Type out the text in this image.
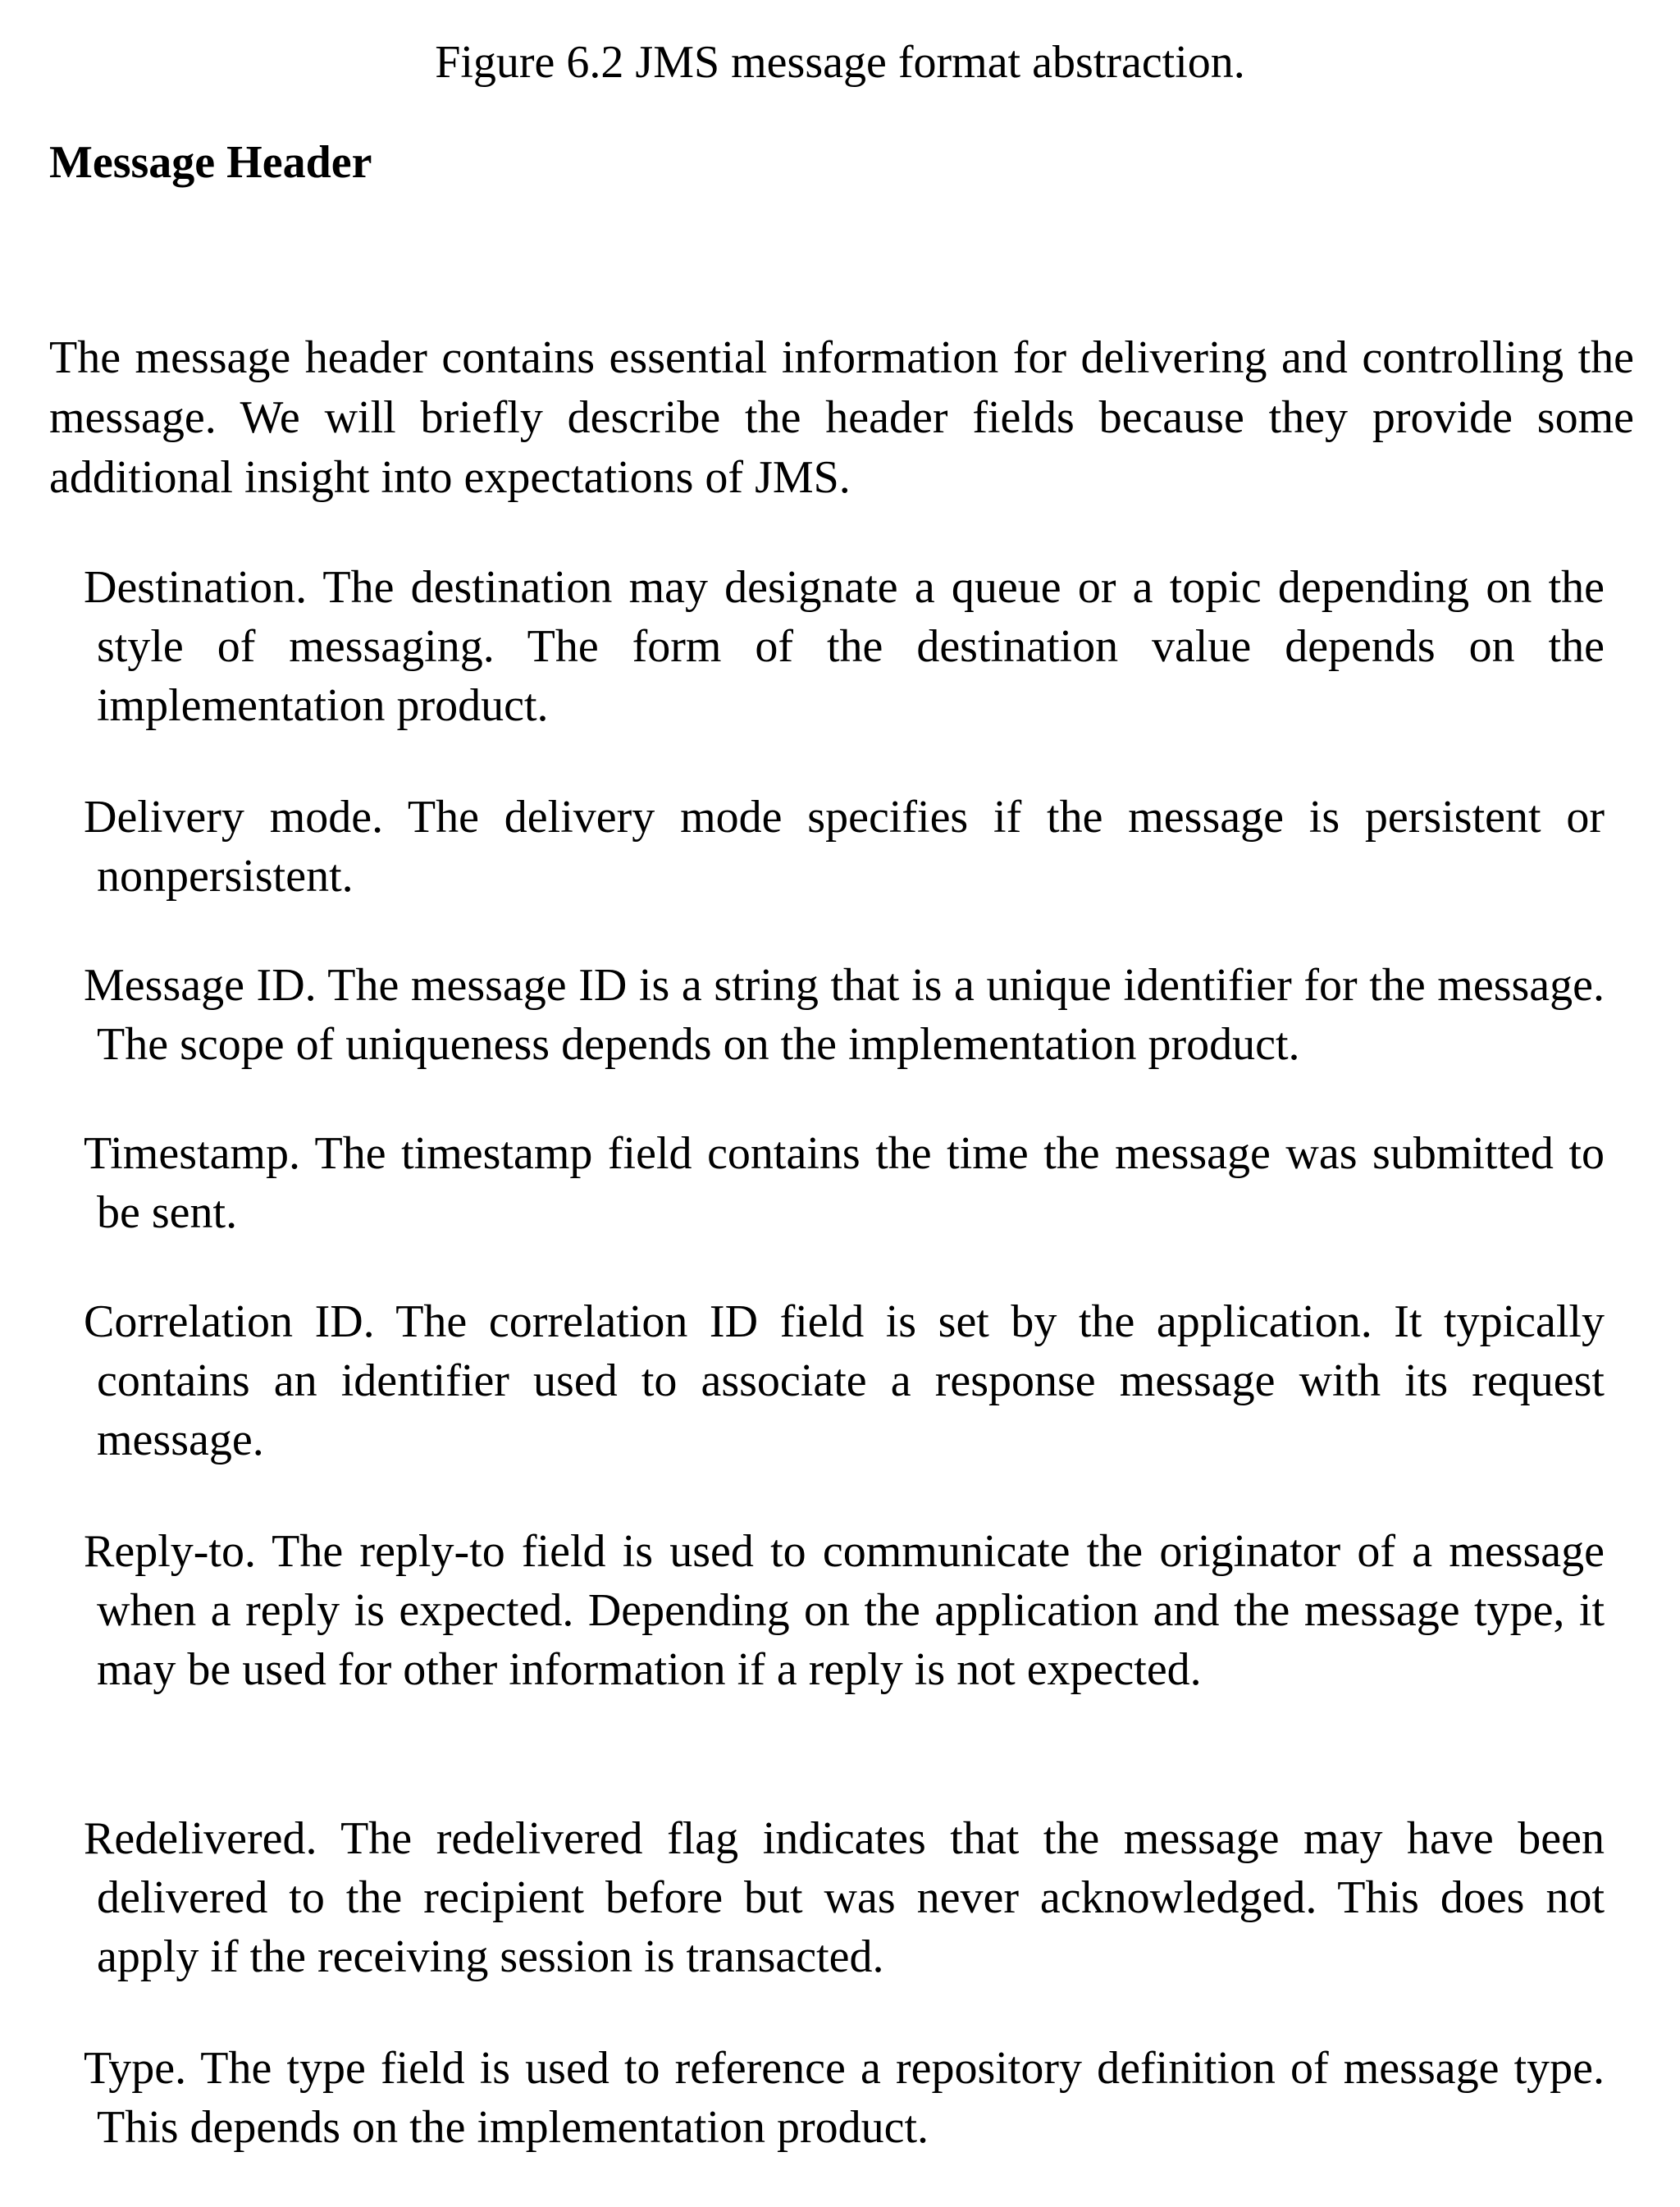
Figure 6.2 JMS message format abstraction.
Message Header
The message header contains essential information for delivering and controlling the message. We will briefly describe the header fields because they provide some additional insight into expectations of JMS.
Destination. The destination may designate a queue or a topic depending on the style of messaging. The form of the destination value depends on the implementation product.
Delivery mode. The delivery mode specifies if the message is persistent or nonpersistent.
Message ID. The message ID is a string that is a unique identifier for the message. The scope of uniqueness depends on the implementation product.
Timestamp. The timestamp field contains the time the message was submitted to be sent.
Correlation ID. The correlation ID field is set by the application. It typically contains an identifier used to associate a response message with its request message.
Reply-to. The reply-to field is used to communicate the originator of a message when a reply is expected. Depending on the application and the message type, it may be used for other information if a reply is not expected.
Redelivered. The redelivered flag indicates that the message may have been delivered to the recipient before but was never acknowledged. This does not apply if the receiving session is transacted.
Type. The type field is used to reference a repository definition of message type. This depends on the implementation product.
